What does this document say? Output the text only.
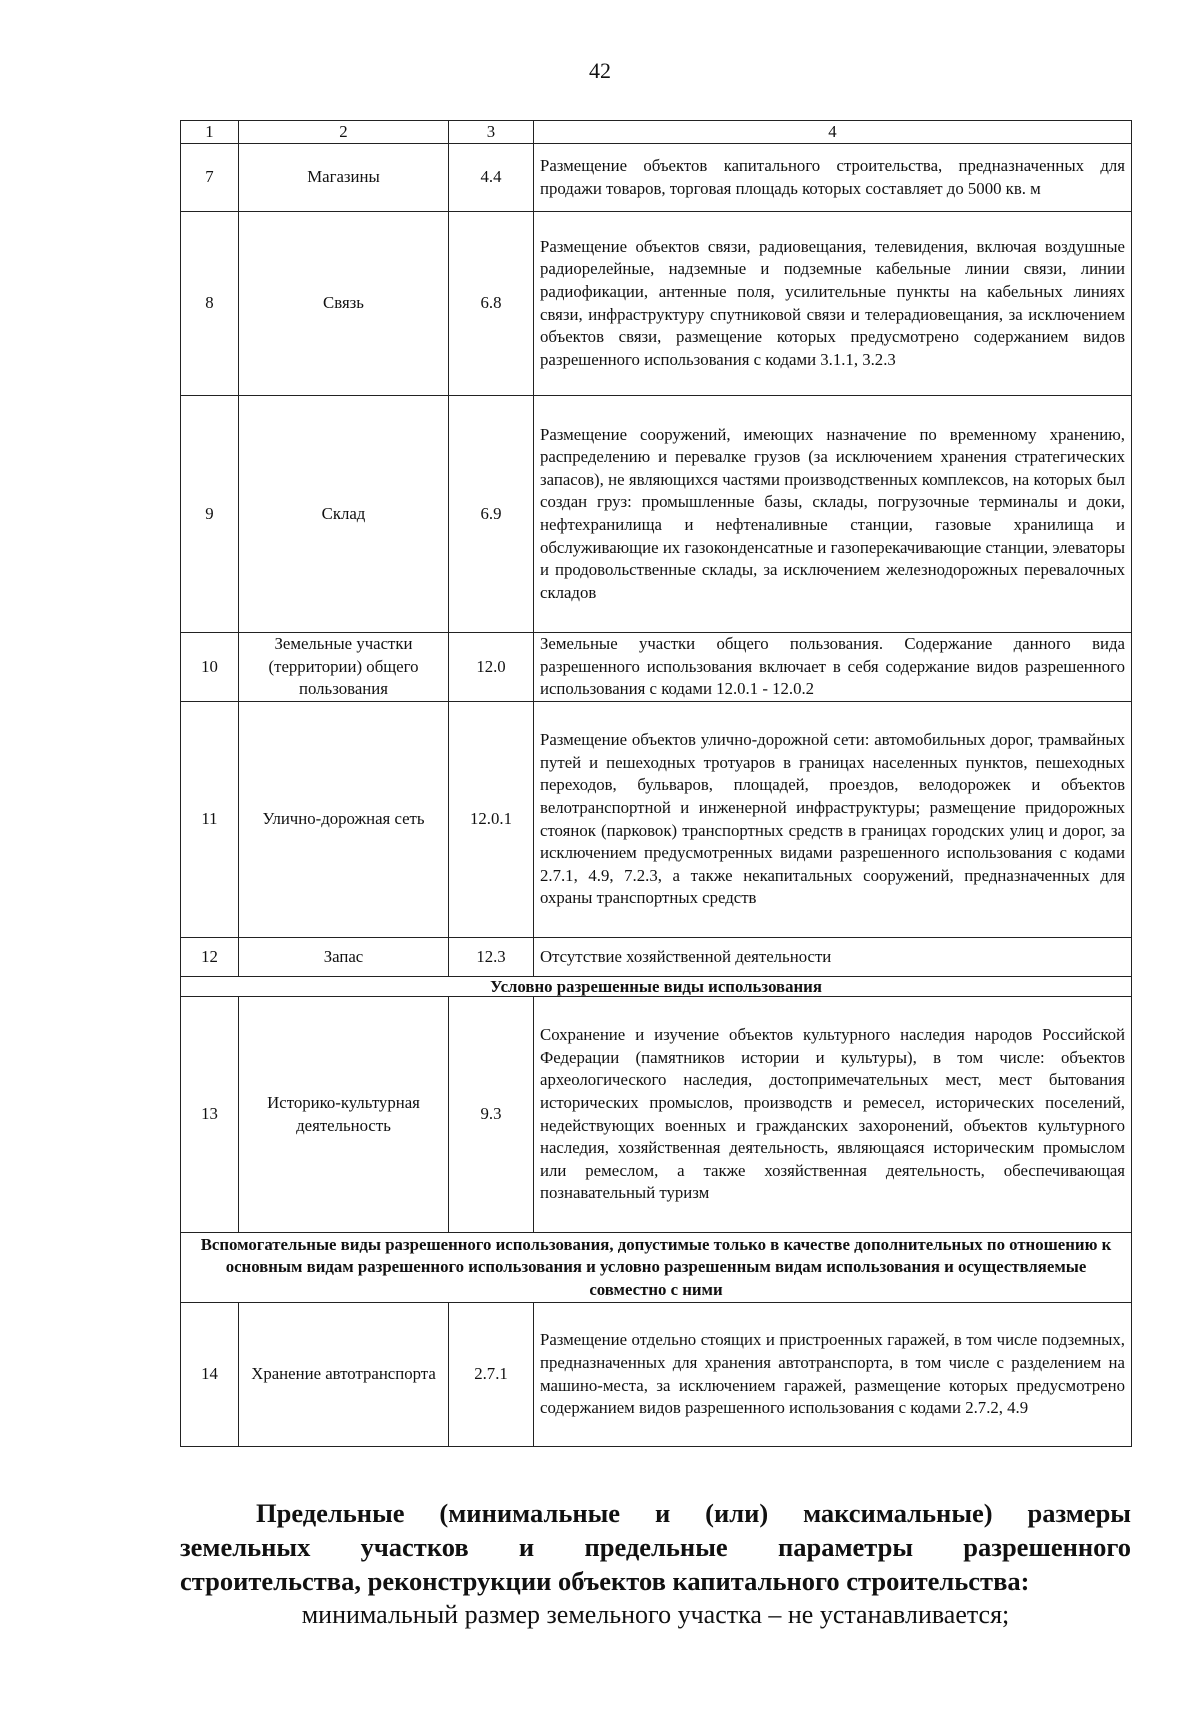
42
1	2	3	4
7	Магазины	4.4	Размещение объектов капитального строительства, предназначенных для продажи товаров, торговая площадь которых составляет до 5000 кв. м
8	Связь	6.8	Размещение объектов связи, радиовещания, телевидения, включая воздушные радиорелейные, надземные и подземные кабельные линии связи, линии радиофикации, антенные поля, усилительные пункты на кабельных линиях связи, инфраструктуру спутниковой связи и телерадиовещания, за исключением объектов связи, размещение которых предусмотрено содержанием видов разрешенного использования с кодами 3.1.1, 3.2.3
9	Склад	6.9	Размещение сооружений, имеющих назначение по временному хранению, распределению и перевалке грузов (за исключением хранения стратегических запасов), не являющихся частями производственных комплексов, на которых был создан груз: промышленные базы, склады, погрузочные терминалы и доки, нефтехранилища и нефтеналивные станции, газовые хранилища и обслуживающие их газоконденсатные и газоперекачивающие станции, элеваторы и продовольственные склады, за исключением железнодорожных перевалочных складов
10	Земельные участки (территории) общего пользования	12.0	Земельные участки общего пользования. Содержание данного вида разрешенного использования включает в себя содержание видов разрешенного использования с кодами 12.0.1 - 12.0.2
11	Улично-дорожная сеть	12.0.1	Размещение объектов улично-дорожной сети: автомобильных дорог, трамвайных путей и пешеходных тротуаров в границах населенных пунктов, пешеходных переходов, бульваров, площадей, проездов, велодорожек и объектов велотранспортной и инженерной инфраструктуры; размещение придорожных стоянок (парковок) транспортных средств в границах городских улиц и дорог, за исключением предусмотренных видами разрешенного использования с кодами 2.7.1, 4.9, 7.2.3, а также некапитальных сооружений, предназначенных для охраны транспортных средств
12	Запас	12.3	Отсутствие хозяйственной деятельности
Условно разрешенные виды использования			
13	Историко-культурная деятельность	9.3	Сохранение и изучение объектов культурного наследия народов Российской Федерации (памятников истории и культуры), в том числе: объектов археологического наследия, достопримечательных мест, мест бытования исторических промыслов, производств и ремесел, исторических поселений, недействующих военных и гражданских захоронений, объектов культурного наследия, хозяйственная деятельность, являющаяся историческим промыслом или ремеслом, а также хозяйственная деятельность, обеспечивающая познавательный туризм
Вспомогательные виды разрешенного использования, допустимые только в качестве дополнительных по отношению к основным видам разрешенного использования и условно разрешенным видам использования и осуществляемые совместно с ними			
14	Хранение автотранспорта	2.7.1	Размещение отдельно стоящих и пристроенных гаражей, в том числе подземных, предназначенных для хранения автотранспорта, в том числе с разделением на машино-места, за исключением гаражей, размещение которых предусмотрено содержанием видов разрешенного использования с кодами 2.7.2, 4.9
Предельные (минимальные и (или) максимальные) размеры
земельных участков и предельные параметры разрешенного
строительства, реконструкции объектов капитального строительства:
минимальный размер земельного участка – не устанавливается;
